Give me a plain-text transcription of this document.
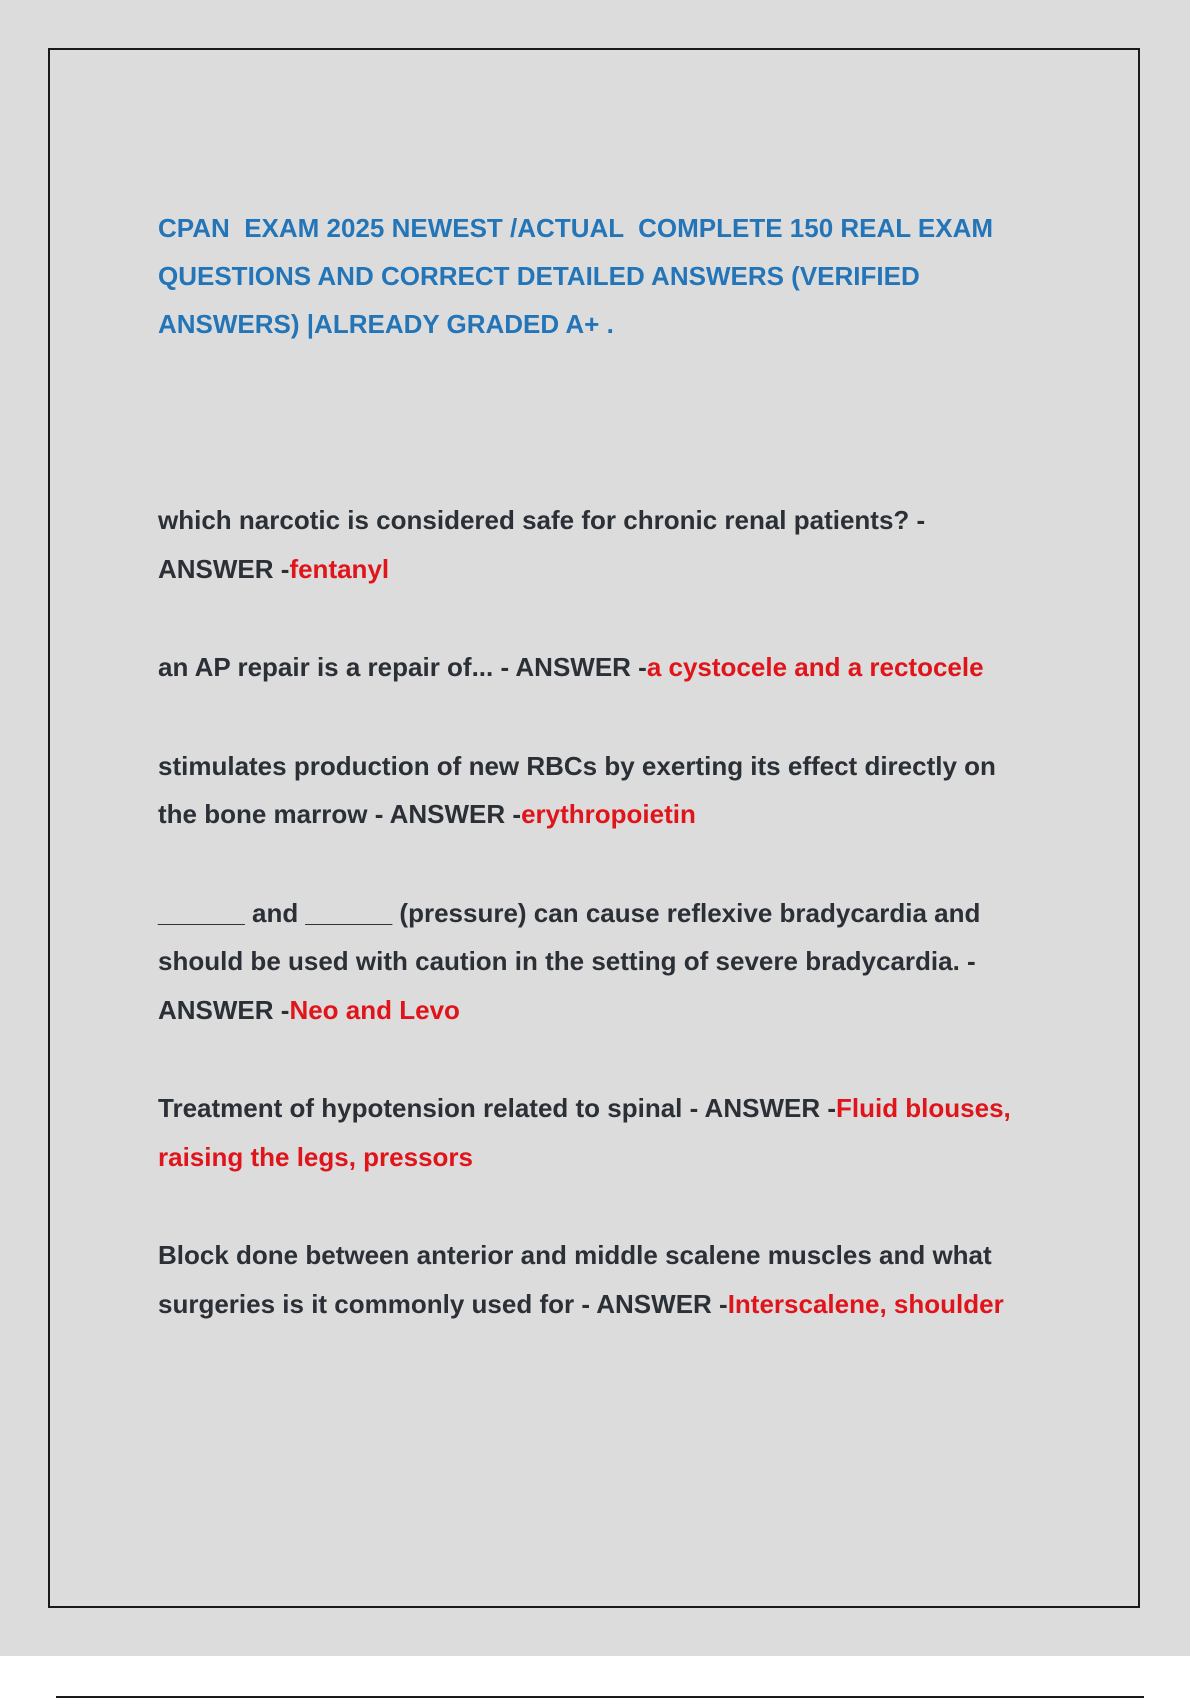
CPAN  EXAM 2025 NEWEST /ACTUAL  COMPLETE 150 REAL EXAM QUESTIONS AND CORRECT DETAILED ANSWERS (VERIFIED ANSWERS) |ALREADY GRADED A+ .

which narcotic is considered safe for chronic renal patients? - ANSWER -fentanyl

an AP repair is a repair of... - ANSWER -a cystocele and a rectocele

stimulates production of new RBCs by exerting its effect directly on the bone marrow - ANSWER -erythropoietin

______ and ______ (pressure) can cause reflexive bradycardia and should be used with caution in the setting of severe bradycardia. - ANSWER -Neo and Levo

Treatment of hypotension related to spinal - ANSWER -Fluid blouses, raising the legs, pressors

Block done between anterior and middle scalene muscles and what surgeries is it commonly used for - ANSWER -Interscalene, shoulder
